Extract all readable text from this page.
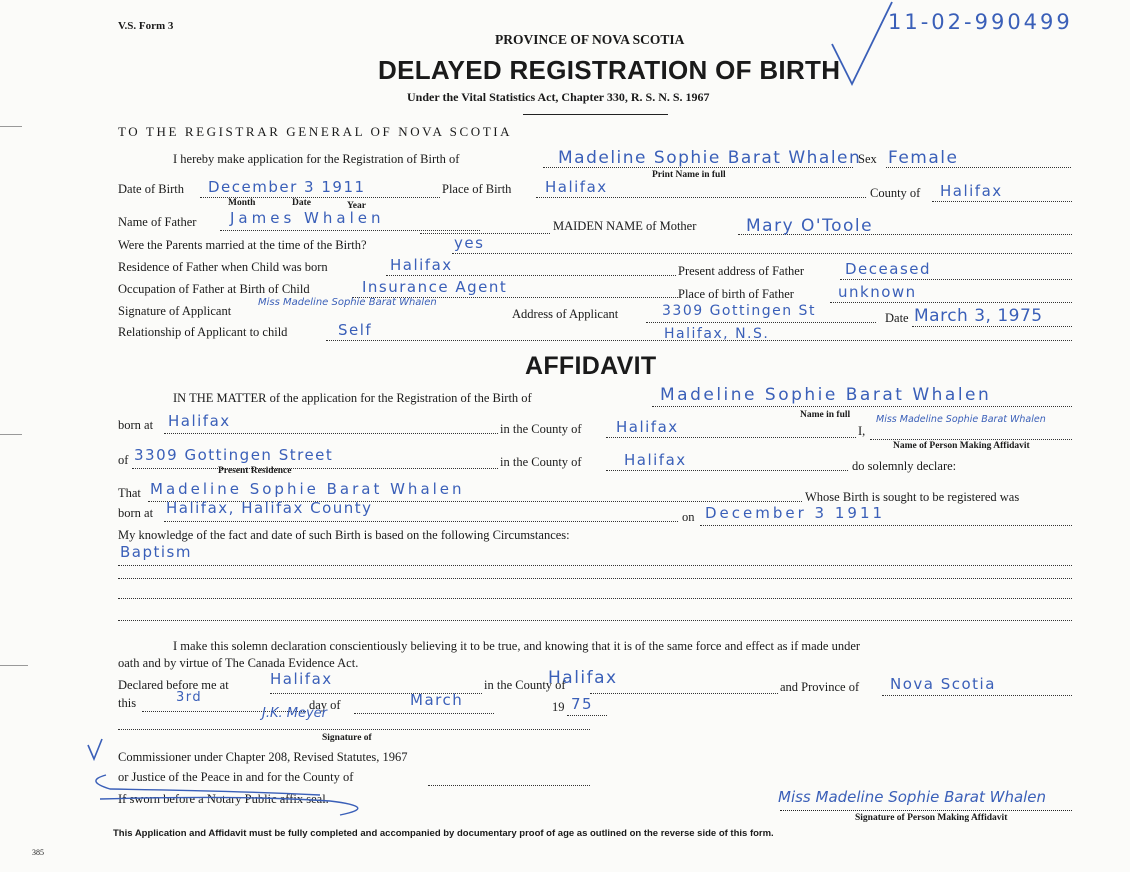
V.S. Form 3
PROVINCE OF NOVA SCOTIA
DELAYED REGISTRATION OF BIRTH
Under the Vital Statistics Act, Chapter 330, R. S. N. S. 1967
11-02-990499
TO THE REGISTRAR GENERAL OF NOVA SCOTIA
I hereby make application for the Registration of Birth of	Madeline Sophie Barat Whalen
Sex Female
Print Name in full
Date of Birth December 3 1911	Place of Birth Halifax	County of Halifax
Month	Date	Year
Name of Father James Whalen	MAIDEN NAME of Mother	Mary O'Toole
Were the Parents married at the time of the Birth?	yes
Residence of Father when Child was born	Halifax	Present address of Father	Deceased
Occupation of Father at Birth of Child	Insurance Agent	Place of birth of Father	unknown
Signature of Applicant
Miss Madeline Sophie Barat Whalen
Address of Applicant	3309 Gottingen St	Date March 3, 1975
Relationship of Applicant to child	Self	Halifax, N.S.
AFFIDAVIT
IN THE MATTER of the application for the Registration of the Birth of	Madeline Sophie Barat Whalen
Name in full
born at Halifax	in the County of Halifax	I,
Miss Madeline Sophie Barat Whalen
Name of Person Making Affidavit
of 3309 Gottingen Street	in the County of	Halifax	do solemnly declare:
Present Residence
That Madeline Sophie Barat Whalen	Whose Birth is sought to be registered was
born at Halifax, Halifax County	on December 3 1911
My knowledge of the fact and date of such Birth is based on the following Circumstances:
Baptism
I make this solemn declaration conscientiously believing it to be true, and knowing that it is of the same force and effect as if made under
oath and by virtue of The Canada Evidence Act.
Declared before me at	Halifax	in the County of
Halifax	and Province of Nova Scotia
this	3rd	day of	March	19 75
J.K. Meyer
Signature of
Commissioner under Chapter 208, Revised Statutes, 1967
or Justice of the Peace in and for the County of
If sworn before a Notary Public affix seal.	Miss Madeline Sophie Barat Whalen
Signature of Person Making Affidavit
This Application and Affidavit must be fully completed and accompanied by documentary proof of age as outlined on the reverse side of this form.
385
